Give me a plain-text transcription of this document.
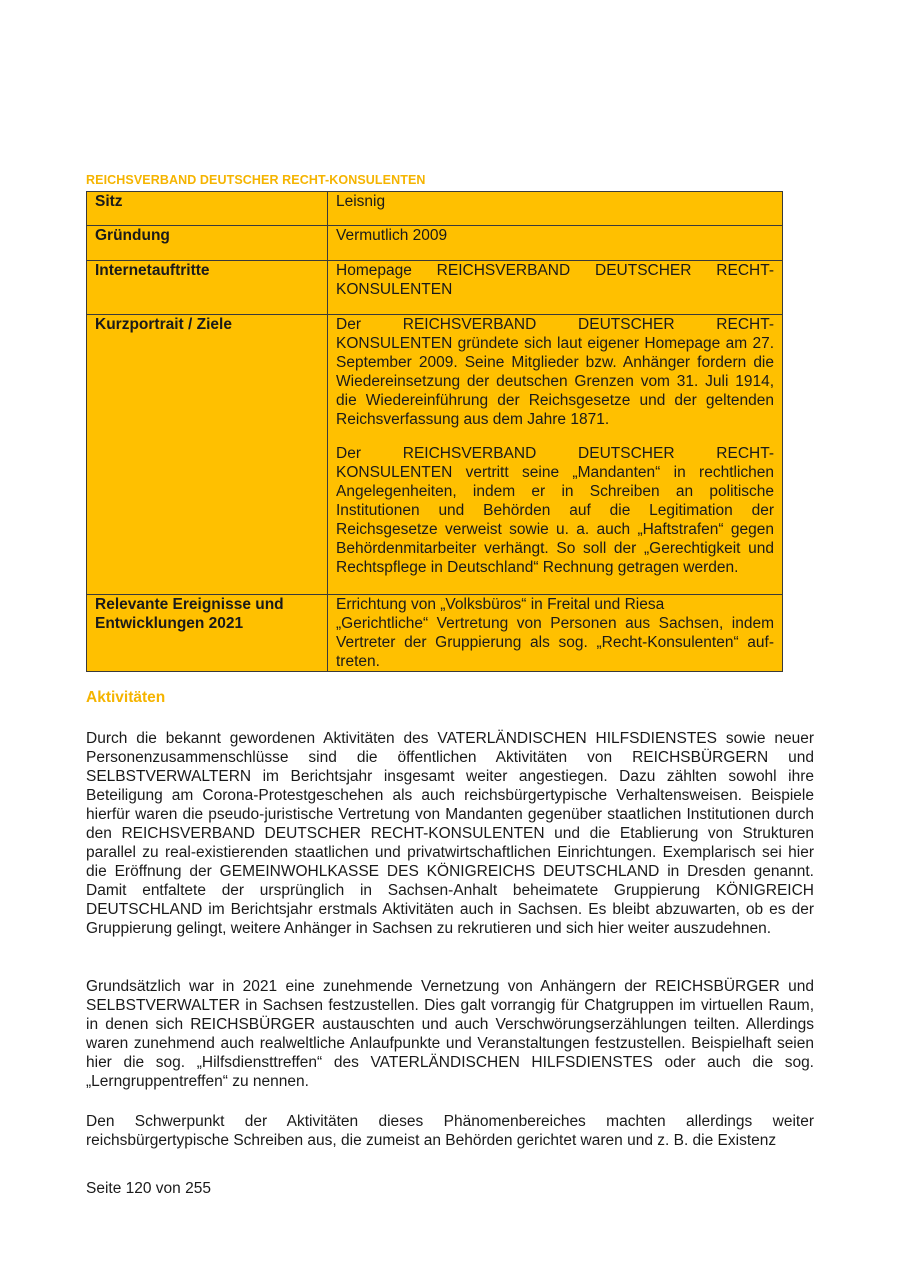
REICHSVERBAND DEUTSCHER RECHT-KONSULENTEN
Sitz	Leisnig
Gründung	Vermutlich 2009
Internetauftritte	Homepage REICHSVERBAND DEUTSCHER RECHT-
KONSULENTEN

Kurzportrait / Ziele	Der REICHSVERBAND DEUTSCHER RECHT-KONSULENTEN gründete sich laut eigener Homepage am 27. September 2009. Seine Mitglieder bzw. Anhänger fordern die Wiedereinsetzung der deutschen Grenzen vom 31. Juli 1914, die Wiedereinführung der Reichsgesetze und der geltenden Reichsverfassung aus dem Jahre 1871.

Der REICHSVERBAND DEUTSCHER RECHT-KONSULENTEN vertritt seine „Mandanten“ in rechtlichen Angelegenheiten, indem er in Schreiben an politische Institutionen und Behörden auf die Legitimation der Reichsgesetze verweist sowie u. a. auch „Haftstrafen“ gegen Behördenmitarbeiter verhängt. So soll der „Gerechtigkeit und Rechtspflege in Deutschland“ Rechnung getragen werden.

Relevante Ereignisse und Entwicklungen 2021	Errichtung von „Volksbüros“ in Freital und Riesa
„Gerichtliche“ Vertretung von Personen aus Sachsen, indem Vertreter der Gruppierung als sog. „Recht-Konsulenten“ auf-treten.
Aktivitäten

Durch die bekannt gewordenen Aktivitäten des VATERLÄNDISCHEN HILFSDIENSTES sowie neuer Personenzusammenschlüsse sind die öffentlichen Aktivitäten von REICHSBÜRGERN und SELBSTVERWALTERN im Berichtsjahr insgesamt weiter angestiegen. Dazu zählten sowohl ihre Beteiligung am Corona-Protestgeschehen als auch reichsbürgertypische Verhaltensweisen. Beispiele hierfür waren die pseudo-juristische Vertretung von Mandanten gegenüber staatlichen Institutionen durch den REICHSVERBAND DEUTSCHER RECHT-KONSULENTEN und die Etablierung von Strukturen parallel zu real-existierenden staatlichen und privatwirtschaftlichen Einrichtungen. Exemplarisch sei hier die Eröffnung der GEMEINWOHLKASSE DES KÖNIGREICHS DEUTSCHLAND in Dresden genannt. Damit entfaltete der ursprünglich in Sachsen-Anhalt beheimatete Gruppierung KÖNIGREICH DEUTSCHLAND im Berichtsjahr erstmals Aktivitäten auch in Sachsen. Es bleibt abzuwarten, ob es der Gruppierung gelingt, weitere Anhänger in Sachsen zu rekrutieren und sich hier weiter auszudehnen.

Grundsätzlich war in 2021 eine zunehmende Vernetzung von Anhängern der REICHSBÜRGER und SELBSTVERWALTER in Sachsen festzustellen. Dies galt vorrangig für Chatgruppen im virtuellen Raum, in denen sich REICHSBÜRGER austauschten und auch Verschwörungserzählungen teilten. Allerdings waren zunehmend auch realweltliche Anlaufpunkte und Veranstaltungen festzustellen. Beispielhaft seien hier die sog. „Hilfsdiensttreffen“ des VATERLÄNDISCHEN HILFSDIENSTES oder auch die sog. „Lerngruppentreffen“ zu nennen.

Den Schwerpunkt der Aktivitäten dieses Phänomenbereiches machten allerdings weiter reichsbürgertypische Schreiben aus, die zumeist an Behörden gerichtet waren und z. B. die Existenz

Seite 120 von 255
